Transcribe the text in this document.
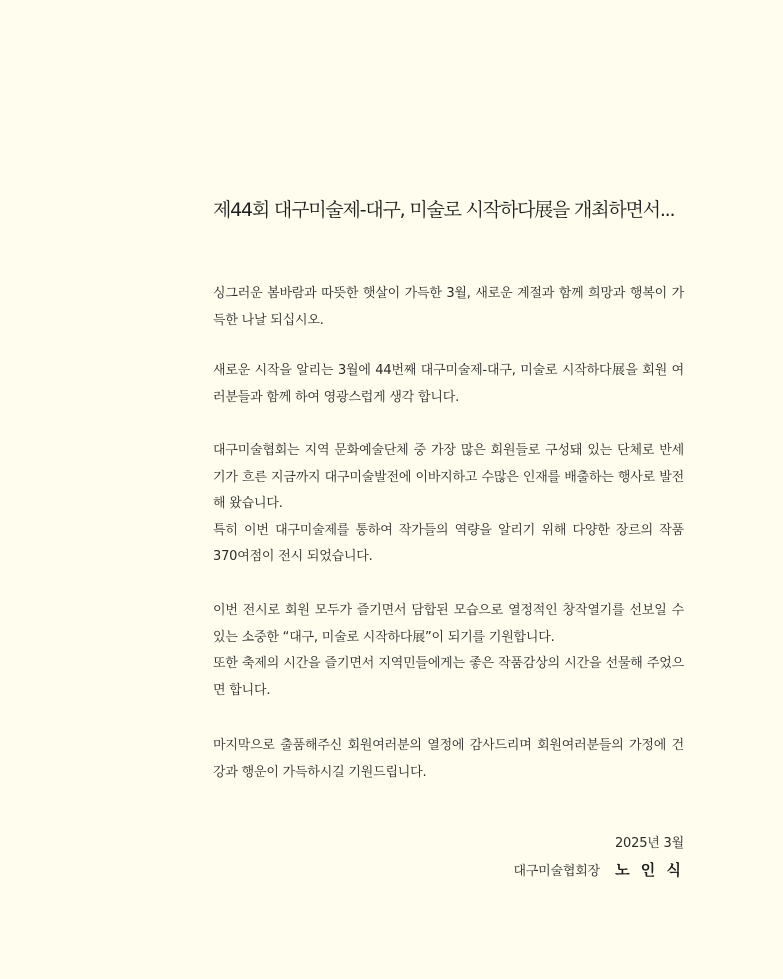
제44회 대구미술제-대구, 미술로 시작하다展을 개최하면서...

싱그러운 봄바람과 따뜻한 햇살이 가득한 3월, 새로운 계절과 함께 희망과 행복이 가득한 나날 되십시오.

새로운 시작을 알리는 3월에 44번째 대구미술제-대구, 미술로 시작하다展을 회원 여러분들과 함께 하여 영광스럽게 생각 합니다.

대구미술협회는 지역 문화예술단체 중 가장 많은 회원들로 구성돼 있는 단체로 반세기가 흐른 지금까지 대구미술발전에 이바지하고 수많은 인재를 배출하는 행사로 발전해 왔습니다.

특히 이번 대구미술제를 통하여 작가들의 역량을 알리기 위해 다양한 장르의 작품 370여점이 전시 되었습니다.

이번 전시로 회원 모두가 즐기면서 담합된 모습으로 열정적인 창작열기를 선보일 수 있는 소중한 “대구, 미술로 시작하다展”이 되기를 기원합니다.

또한 축제의 시간을 즐기면서 지역민들에게는 좋은 작품감상의 시간을 선물해 주었으면 합니다.

마지막으로 출품해주신 회원여러분의 열정에 감사드리며 회원여러분들의 가정에 건강과 행운이 가득하시길 기원드립니다.

2025년 3월
대구미술협회장 노 인 식
